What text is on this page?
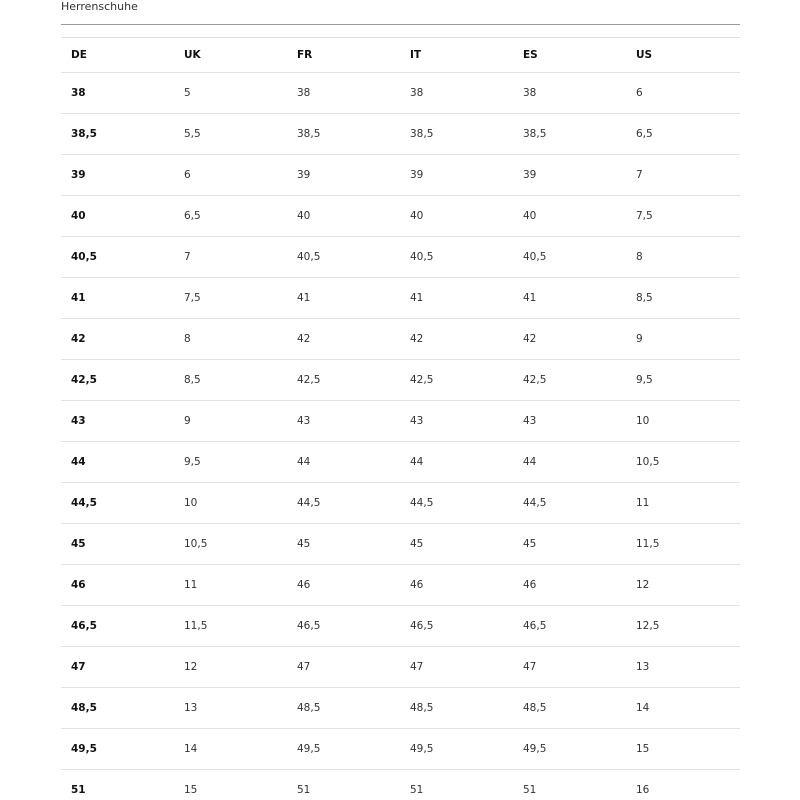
Herrenschuhe
DE	UK	FR	IT	ES	US
38	5	38	38	38	6
38,5	5,5	38,5	38,5	38,5	6,5
39	6	39	39	39	7
40	6,5	40	40	40	7,5
40,5	7	40,5	40,5	40,5	8
41	7,5	41	41	41	8,5
42	8	42	42	42	9
42,5	8,5	42,5	42,5	42,5	9,5
43	9	43	43	43	10
44	9,5	44	44	44	10,5
44,5	10	44,5	44,5	44,5	11
45	10,5	45	45	45	11,5
46	11	46	46	46	12
46,5	11,5	46,5	46,5	46,5	12,5
47	12	47	47	47	13
48,5	13	48,5	48,5	48,5	14
49,5	14	49,5	49,5	49,5	15
51	15	51	51	51	16
